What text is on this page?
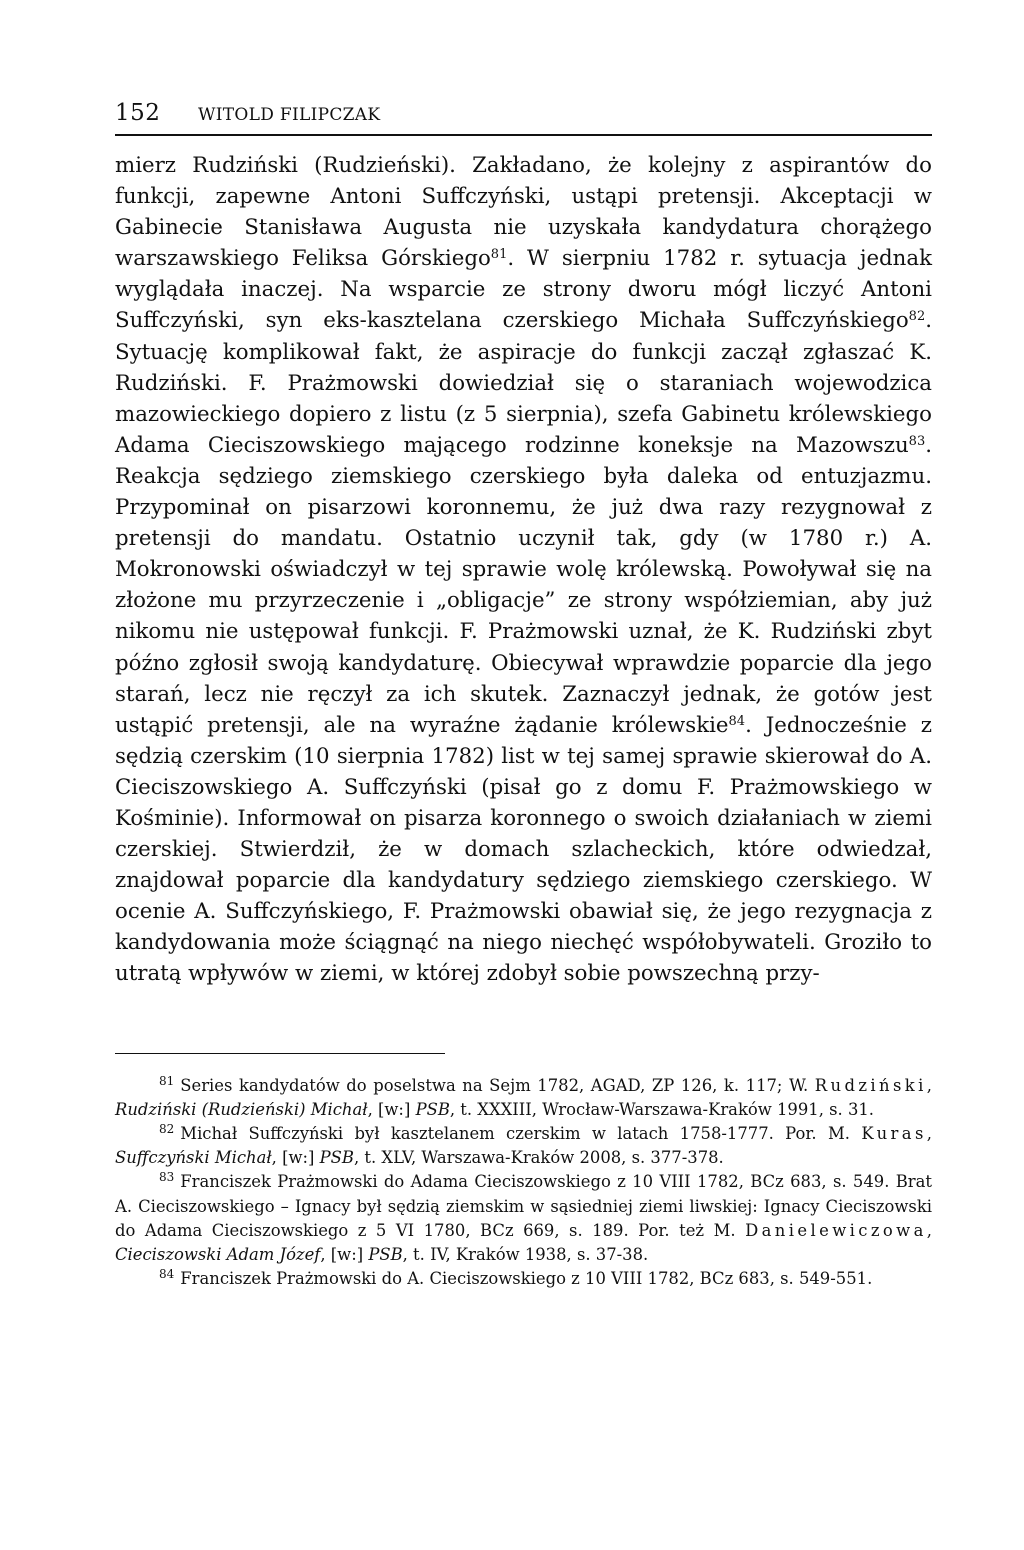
152 WITOLD FILIPCZAK

mierz Rudziński (Rudzieński). Zakładano, że kolejny z aspirantów do funkcji, zapewne Antoni Suffczyński, ustąpi pretensji. Akceptacji w Gabinecie Stanisława Augusta nie uzyskała kandydatura chorążego warszawskiego Feliksa Górskiego$^{81}$. W sierpniu 1782 r. sytuacja jednak wyglądała inaczej. Na wsparcie ze strony dworu mógł liczyć Antoni Suffczyński, syn eks-kasztelana czerskiego Michała Suffczyńskiego$^{82}$. Sytuację komplikował fakt, że aspiracje do funkcji zaczął zgłaszać K. Rudziński. F. Prażmowski dowiedział się o staraniach wojewodzica mazowieckiego dopiero z listu (z 5 sierpnia), szefa Gabinetu królewskiego Adama Cieciszowskiego mającego rodzinne koneksje na Mazowszu$^{83}$. Reakcja sędziego ziemskiego czerskiego była daleka od entuzjazmu. Przypominał on pisarzowi koronnemu, że już dwa razy rezygnował z pretensji do mandatu. Ostatnio uczynił tak, gdy (w 1780 r.) A. Mokronowski oświadczył w tej sprawie wolę królewską. Powoływał się na złożone mu przyrzeczenie i „obligacje” ze strony współziemian, aby już nikomu nie ustępował funkcji. F. Prażmowski uznał, że K. Rudziński zbyt późno zgłosił swoją kandydaturę. Obiecywał wprawdzie poparcie dla jego starań, lecz nie ręczył za ich skutek. Zaznaczył jednak, że gotów jest ustąpić pretensji, ale na wyraźne żądanie królewskie$^{84}$. Jednocześnie z sędzią czerskim (10 sierpnia 1782) list w tej samej sprawie skierował do A. Cieciszowskiego A. Suffczyński (pisał go z domu F. Prażmowskiego w Kośminie). Informował on pisarza koronnego o swoich działaniach w ziemi czerskiej. Stwierdził, że w domach szlacheckich, które odwiedzał, znajdował poparcie dla kandydatury sędziego ziemskiego czerskiego. W ocenie A. Suffczyńskiego, F. Prażmowski obawiał się, że jego rezygnacja z kandydowania może ściągnąć na niego niechęć współobywateli. Groziło to utratą wpływów w ziemi, w której zdobył sobie powszechną przy-

81 Series kandydatów do poselstwa na Sejm 1782, AGAD, ZP 126, k. 117; W. Rudziński, Rudziński (Rudzieński) Michał, [w:] PSB, t. XXXIII, Wrocław-Warszawa-Kraków 1991, s. 31.

82 Michał Suffczyński był kasztelanem czerskim w latach 1758-1777. Por. M. Kuras, Suffczyński Michał, [w:] PSB, t. XLV, Warszawa-Kraków 2008, s. 377-378.

83 Franciszek Prażmowski do Adama Cieciszowskiego z 10 VIII 1782, BCz 683, s. 549. Brat A. Cieciszowskiego – Ignacy był sędzią ziemskim w sąsiedniej ziemi liwskiej: Ignacy Cieciszowski do Adama Cieciszowskiego z 5 VI 1780, BCz 669, s. 189. Por. też M. Danielewiczowa, Cieciszowski Adam Józef, [w:] PSB, t. IV, Kraków 1938, s. 37-38.

84 Franciszek Prażmowski do A. Cieciszowskiego z 10 VIII 1782, BCz 683, s. 549-551.
